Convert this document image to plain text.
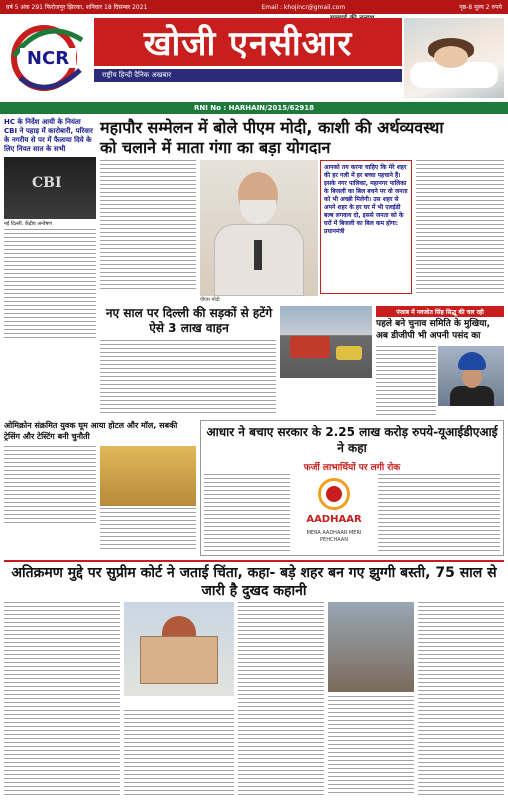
वर्ष 5 अंक 291 फिरोजपुर झिरका, शनिवार 18 दिसम्बर 2021	Email : khojincr@gmail.com	पृष्ठ-8 मूल्य 2 रुपये
NCR	खोजी एनसीआर
राष्ट्रीय हिन्दी दैनिक अखबार
RNI No : HARHAIN/2015/62918
HC के निर्देश आयी के नियंता CBI ने पहाड़ में कारोबारी, परिवार के नगरीय से पर में फैलाया दिये के लिए नियत सात के सभी
CBI
नई दिल्ली: केंद्रीय अन्वेषण
महापौर सम्मेलन में बोले पीएम मोदी, काशी की अर्थव्यवस्था
को चलाने में माता गंगा का बड़ा योगदान
आपको तय करना चाहिए कि मेरे शहर की हर गली में हर बच्चा पहचाने हैं। इसके नगर पालिका, महानगर पालिका के बिजली का बिल बचने पर वो जनता को भी अच्छी मिलेगी। उस शहर से अपने शहर के हर घर में भी एलईडी बल्ब लगवाय दो, इससे जनता को के घरों में बिजली का बिल कम होगा: प्रधानमंत्री
पीएम मोदी
नए साल पर दिल्ली की सड़कों से हटेंगे ऐसे 3 लाख वाहन
पंजाब में नवजोत सिंह सिद्धू की चल रही
पहले बने चुनाव समिति के मुखिया, अब डीजीपी भी अपनी पसंद का
ओमिक्रोन संक्रमित युवक घूम आया होटल और मॉल, सबकी ट्रेसिंग और टेस्टिंग बनी चुनौती	आधार ने बचाए सरकार के 2.25 लाख करोड़ रुपये-यूआईडीएआई ने कहा
फर्जी लाभार्थियों पर लगी रोक
AADHAAR
MERA AADHAAR MERI PEHCHAAN
अतिक्रमण मुद्दे पर सुप्रीम कोर्ट ने जताई चिंता, कहा- बड़े शहर बन गए झुग्गी बस्ती, 75 साल से जारी है दुखद कहानी
